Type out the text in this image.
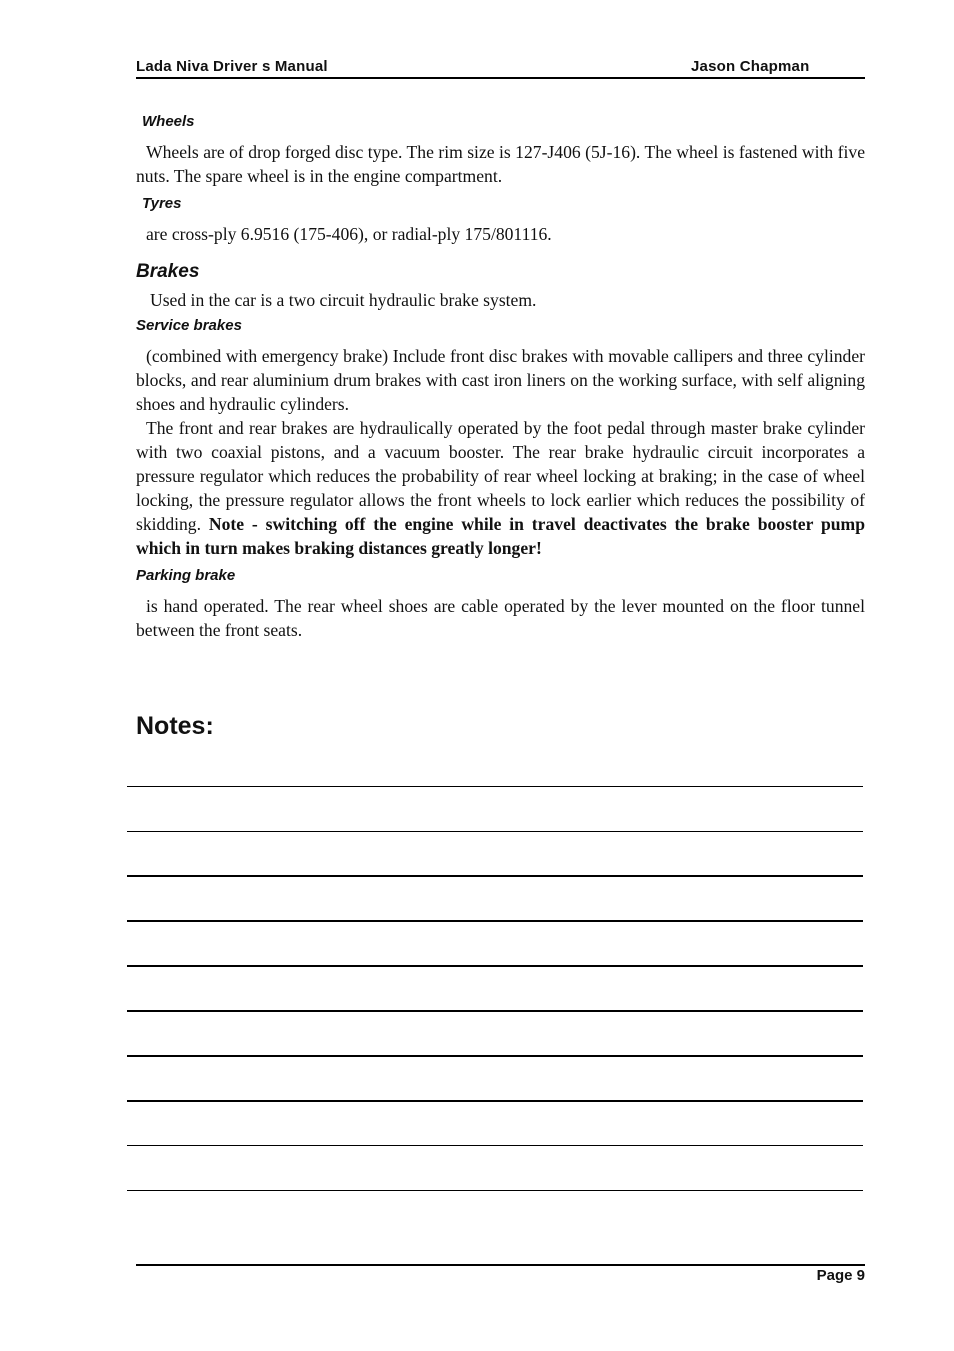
Lada Niva Driver s Manual	Jason Chapman
Wheels

Wheels are of drop forged disc type. The rim size is 127-J406 (5J-16). The wheel is fastened with five nuts. The spare wheel is in the engine compartment.

Tyres

are cross-ply 6.9516 (175-406), or radial-ply 175/801116.

Brakes

Used in the car is a two circuit hydraulic brake system.

Service brakes

(combined with emergency brake) Include front disc brakes with movable callipers and three cylinder blocks, and rear aluminium drum brakes with cast iron liners on the working surface, with self aligning shoes and hydraulic cylinders.

The front and rear brakes are hydraulically operated by the foot pedal through master brake cylinder with two coaxial pistons, and a vacuum booster. The rear brake hydraulic circuit incorporates a pressure regulator which reduces the probability of rear wheel locking at braking; in the case of wheel locking, the pressure regulator allows the front wheels to lock earlier which reduces the possibility of skidding. Note - switching off the engine while in travel deactivates the brake booster pump which in turn makes braking distances greatly longer!

Parking brake

is hand operated. The rear wheel shoes are cable operated by the lever mounted on the floor tunnel between the front seats.

Notes:
Page 9
